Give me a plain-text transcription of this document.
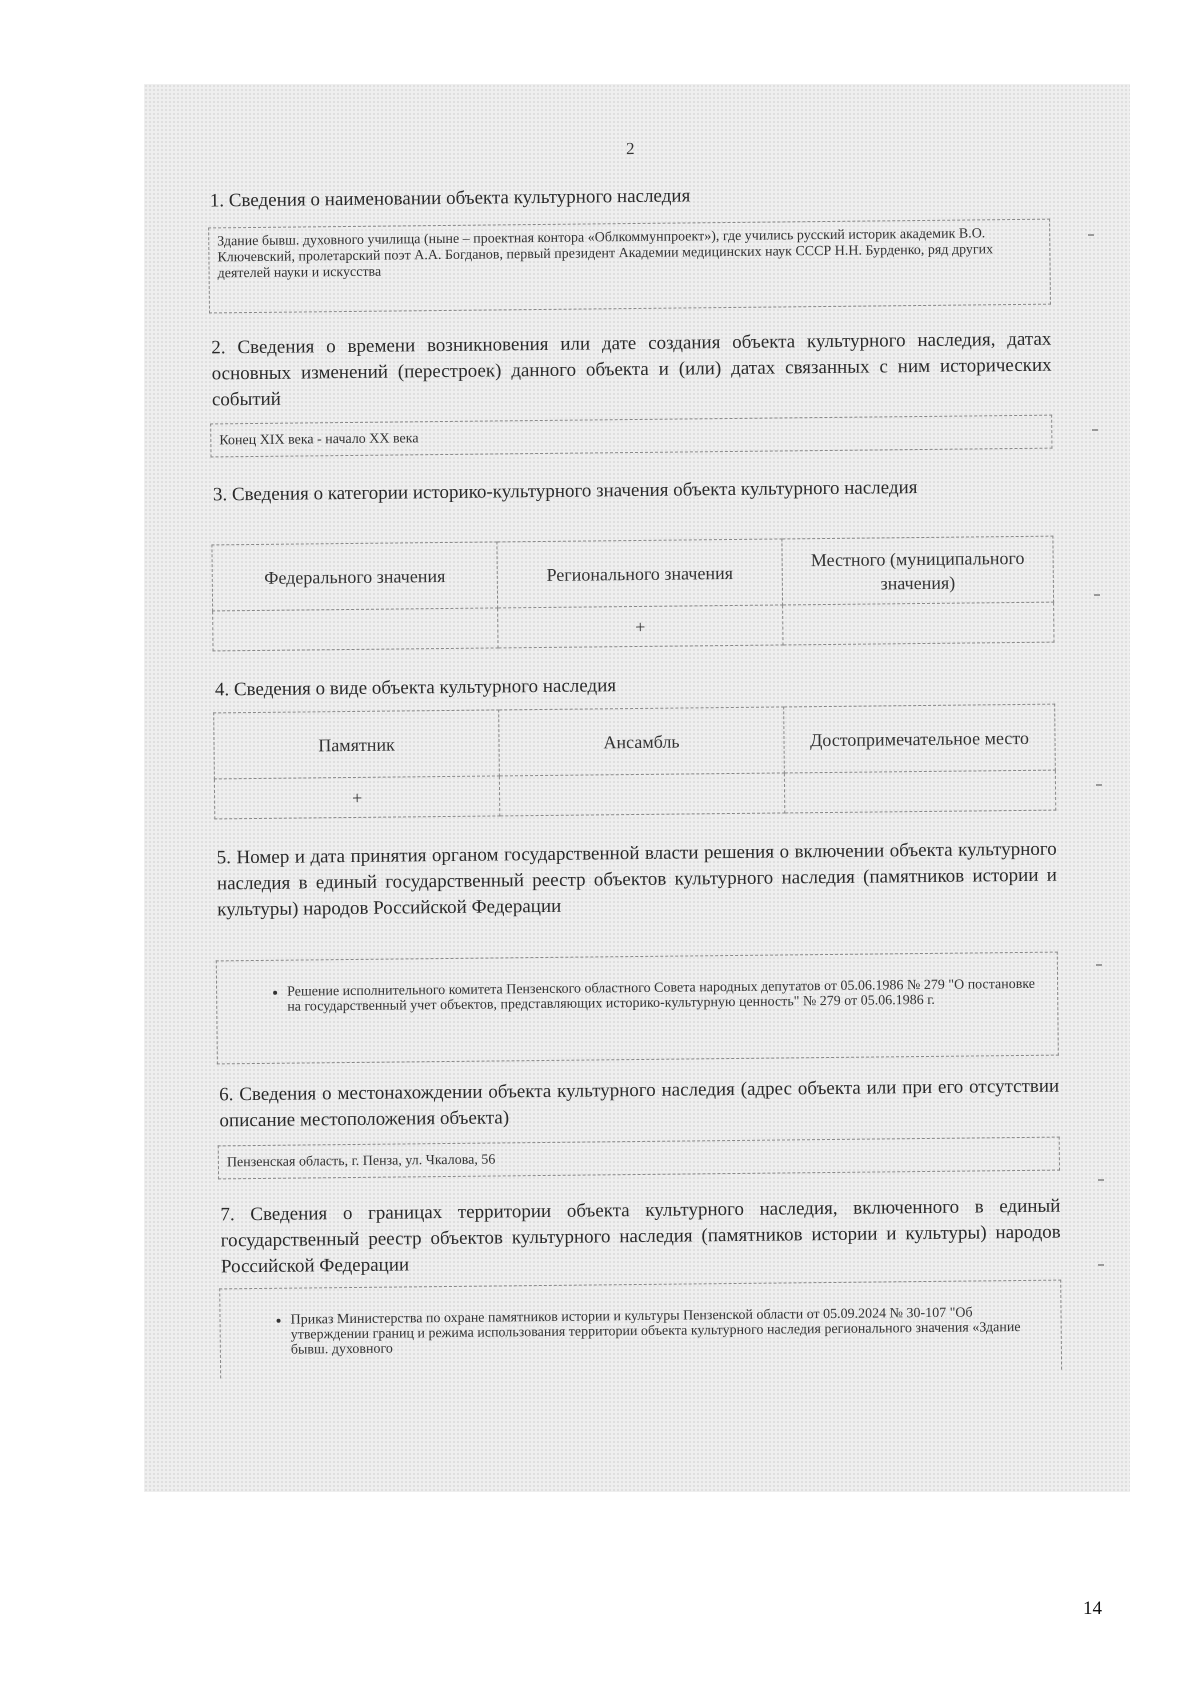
2
1. Сведения о наименовании объекта культурного наследия
Здание бывш. духовного училища (ныне – проектная контора «Облкоммунпроект»), где учились русский историк академик В.О. Ключевский, пролетарский поэт А.А. Богданов, первый президент Академии медицинских наук СССР Н.Н. Бурденко, ряд других деятелей науки и искусства
2. Сведения о времени возникновения или дате создания объекта культурного наследия, датах основных изменений (перестроек) данного объекта и (или) датах связанных с ним исторических событий
Конец XIX века - начало XX века
3. Сведения о категории историко-культурного значения объекта культурного наследия
Федерального значения	Регионального значения	Местного (муниципального значения)
	+	
4. Сведения о виде объекта культурного наследия
Памятник	Ансамбль	Достопримечательное место
+		
5. Номер и дата принятия органом государственной власти решения о включении объекта культурного наследия в единый государственный реестр объектов культурного наследия (памятников истории и культуры) народов Российской Федерации
• Решение исполнительного комитета Пензенского областного Совета народных депутатов от 05.06.1986 № 279 "О постановке на государственный учет объектов, представляющих историко-культурную ценность" № 279 от 05.06.1986 г.
6. Сведения о местонахождении объекта культурного наследия (адрес объекта или при его отсутствии описание местоположения объекта)
Пензенская область, г. Пенза, ул. Чкалова, 56
7. Сведения о границах территории объекта культурного наследия, включенного в единый государственный реестр объектов культурного наследия (памятников истории и культуры) народов Российской Федерации
• Приказ Министерства по охране памятников истории и культуры Пензенской области от 05.09.2024 № 30-107 "Об утверждении границ и режима использования территории объекта культурного наследия регионального значения «Здание бывш. духовного
14
